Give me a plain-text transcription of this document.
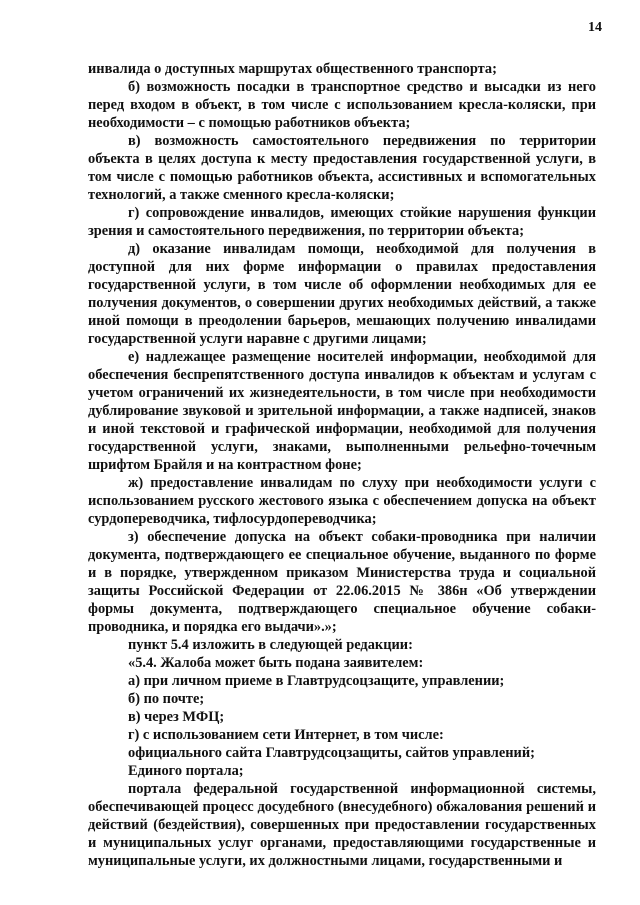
14

инвалида о доступных маршрутах общественного транспорта;

б) возможность посадки в транспортное средство и высадки из него перед входом в объект, в том числе с использованием кресла-коляски, при необходимости – с помощью работников объекта;

в) возможность самостоятельного передвижения по территории объекта в целях доступа к месту предоставления государственной услуги, в том числе с помощью работников объекта, ассистивных и вспомогательных технологий, а также сменного кресла-коляски;

г) сопровождение инвалидов, имеющих стойкие нарушения функции зрения и самостоятельного передвижения, по территории объекта;

д) оказание инвалидам помощи, необходимой для получения в доступной для них форме информации о правилах предоставления государственной услуги, в том числе об оформлении необходимых для ее получения документов, о совершении других необходимых действий, а также иной помощи в преодолении барьеров, мешающих получению инвалидами государственной услуги наравне с другими лицами;

е) надлежащее размещение носителей информации, необходимой для обеспечения беспрепятственного доступа инвалидов к объектам и услугам с учетом ограничений их жизнедеятельности, в том числе при необходимости дублирование звуковой и зрительной информации, а также надписей, знаков и иной текстовой и графической информации, необходимой для получения государственной услуги, знаками, выполненными рельефно-точечным шрифтом Брайля и на контрастном фоне;

ж) предоставление инвалидам по слуху при необходимости услуги с использованием русского жестового языка с обеспечением допуска на объект сурдопереводчика, тифлосурдопереводчика;

з) обеспечение допуска на объект собаки-проводника при наличии документа, подтверждающего ее специальное обучение, выданного по форме и в порядке, утвержденном приказом Министерства труда и социальной защиты Российской Федерации от 22.06.2015 № 386н «Об утверждении формы документа, подтверждающего специальное обучение собаки-проводника, и порядка его выдачи».»;

пункт 5.4 изложить в следующей редакции:

«5.4. Жалоба может быть подана заявителем:

а) при личном приеме в Главтрудсоцзащите, управлении;

б) по почте;

в) через МФЦ;

г) с использованием сети Интернет, в том числе:

официального сайта Главтрудсоцзащиты, сайтов управлений;

Единого портала;

портала федеральной государственной информационной системы, обеспечивающей процесс досудебного (внесудебного) обжалования решений и действий (бездействия), совершенных при предоставлении государственных и муниципальных услуг органами, предоставляющими государственные и муниципальные услуги, их должностными лицами, государственными и
